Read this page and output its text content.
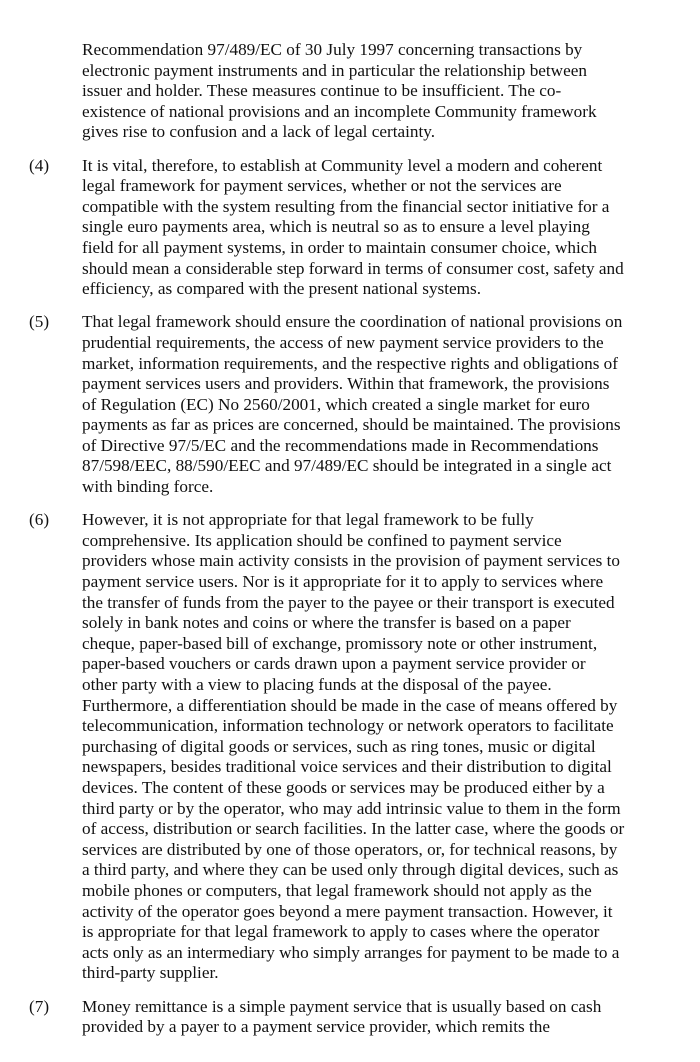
Recommendation 97/489/EC of 30 July 1997 concerning transactions by
electronic payment instruments and in particular the relationship between
issuer and holder. These measures continue to be insufficient. The co-
existence of national provisions and an incomplete Community framework
gives rise to confusion and a lack of legal certainty.
(4) It is vital, therefore, to establish at Community level a modern and coherent
legal framework for payment services, whether or not the services are
compatible with the system resulting from the financial sector initiative for a
single euro payments area, which is neutral so as to ensure a level playing
field for all payment systems, in order to maintain consumer choice, which
should mean a considerable step forward in terms of consumer cost, safety and
efficiency, as compared with the present national systems.
(5) That legal framework should ensure the coordination of national provisions on
prudential requirements, the access of new payment service providers to the
market, information requirements, and the respective rights and obligations of
payment services users and providers. Within that framework, the provisions
of Regulation (EC) No 2560/2001, which created a single market for euro
payments as far as prices are concerned, should be maintained. The provisions
of Directive 97/5/EC and the recommendations made in Recommendations
87/598/EEC, 88/590/EEC and 97/489/EC should be integrated in a single act
with binding force.
(6) However, it is not appropriate for that legal framework to be fully
comprehensive. Its application should be confined to payment service
providers whose main activity consists in the provision of payment services to
payment service users. Nor is it appropriate for it to apply to services where
the transfer of funds from the payer to the payee or their transport is executed
solely in bank notes and coins or where the transfer is based on a paper
cheque, paper-based bill of exchange, promissory note or other instrument,
paper-based vouchers or cards drawn upon a payment service provider or
other party with a view to placing funds at the disposal of the payee.
Furthermore, a differentiation should be made in the case of means offered by
telecommunication, information technology or network operators to facilitate
purchasing of digital goods or services, such as ring tones, music or digital
newspapers, besides traditional voice services and their distribution to digital
devices. The content of these goods or services may be produced either by a
third party or by the operator, who may add intrinsic value to them in the form
of access, distribution or search facilities. In the latter case, where the goods or
services are distributed by one of those operators, or, for technical reasons, by
a third party, and where they can be used only through digital devices, such as
mobile phones or computers, that legal framework should not apply as the
activity of the operator goes beyond a mere payment transaction. However, it
is appropriate for that legal framework to apply to cases where the operator
acts only as an intermediary who simply arranges for payment to be made to a
third-party supplier.
(7) Money remittance is a simple payment service that is usually based on cash
provided by a payer to a payment service provider, which remits the
